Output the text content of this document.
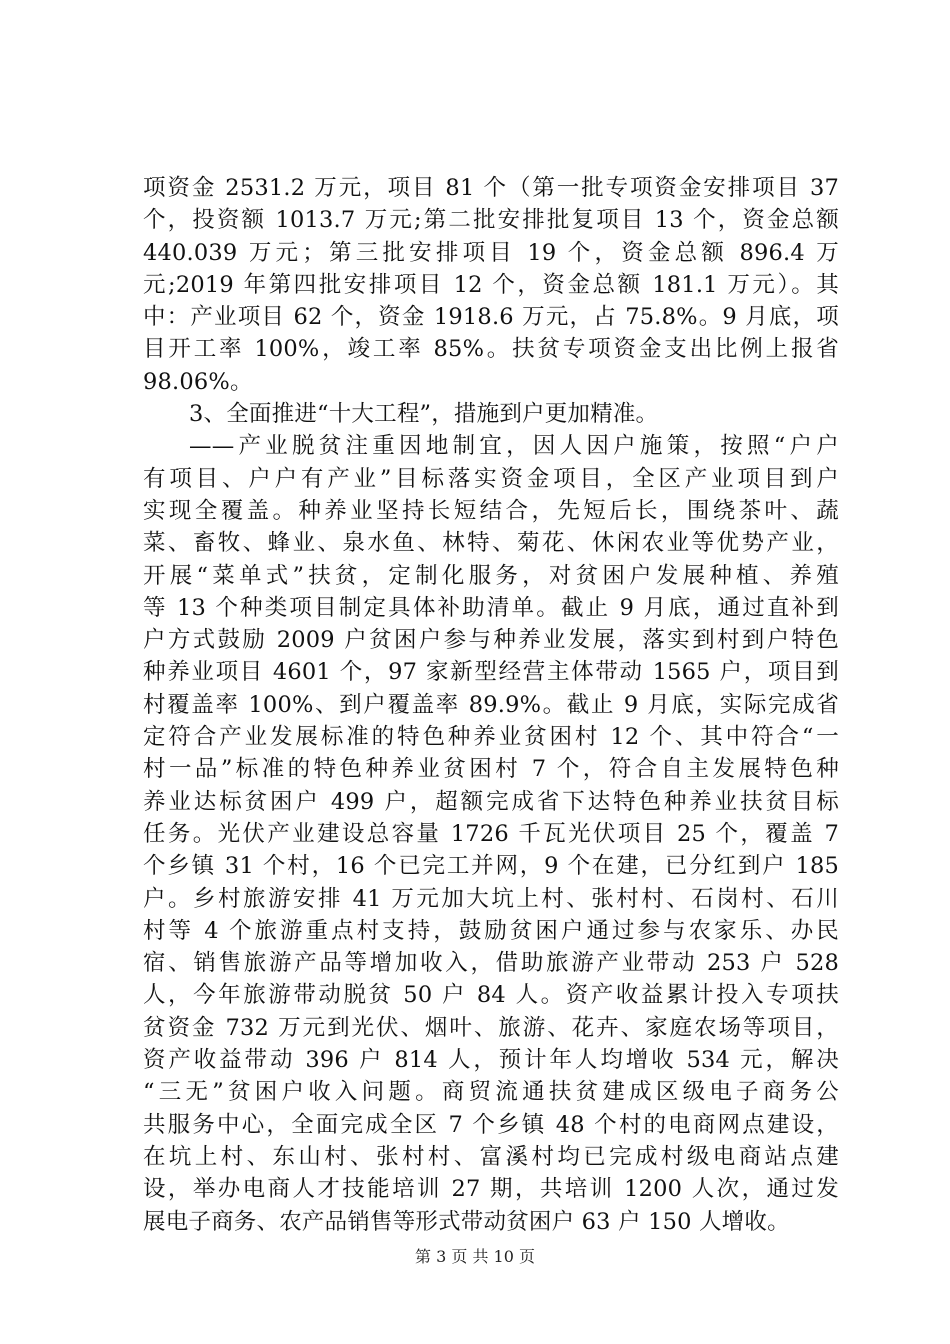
项资金 2531.2 万元，项目 81 个（第一批专项资金安排项目 37
个，投资额 1013.7 万元;第二批安排批复项目 13 个，资金总额
440.039 万元；第三批安排项目 19 个，资金总额 896.4 万
元;2019 年第四批安排项目 12 个，资金总额 181.1 万元）。其
中：产业项目 62 个，资金 1918.6 万元，占 75.8%。9 月底，项
目开工率 100%，竣工率 85%。扶贫专项资金支出比例上报省
98.06%。
3、全面推进“十大工程”，措施到户更加精准。
——产业脱贫注重因地制宜，因人因户施策，按照“户户
有项目、户户有产业”目标落实资金项目，全区产业项目到户
实现全覆盖。种养业坚持长短结合，先短后长，围绕茶叶、蔬
菜、畜牧、蜂业、泉水鱼、林特、菊花、休闲农业等优势产业，
开展“菜单式”扶贫，定制化服务，对贫困户发展种植、养殖
等 13 个种类项目制定具体补助清单。截止 9 月底，通过直补到
户方式鼓励 2009 户贫困户参与种养业发展，落实到村到户特色
种养业项目 4601 个，97 家新型经营主体带动 1565 户，项目到
村覆盖率 100%、到户覆盖率 89.9%。截止 9 月底，实际完成省
定符合产业发展标准的特色种养业贫困村 12 个、其中符合“一
村一品”标准的特色种养业贫困村 7 个，符合自主发展特色种
养业达标贫困户 499 户，超额完成省下达特色种养业扶贫目标
任务。光伏产业建设总容量 1726 千瓦光伏项目 25 个，覆盖 7
个乡镇 31 个村，16 个已完工并网，9 个在建，已分红到户 185
户。乡村旅游安排 41 万元加大坑上村、张村村、石岗村、石川
村等 4 个旅游重点村支持，鼓励贫困户通过参与农家乐、办民
宿、销售旅游产品等增加收入，借助旅游产业带动 253 户 528
人，今年旅游带动脱贫 50 户 84 人。资产收益累计投入专项扶
贫资金 732 万元到光伏、烟叶、旅游、花卉、家庭农场等项目，
资产收益带动 396 户 814 人，预计年人均增收 534 元，解决
“三无”贫困户收入问题。商贸流通扶贫建成区级电子商务公
共服务中心，全面完成全区 7 个乡镇 48 个村的电商网点建设，
在坑上村、东山村、张村村、富溪村均已完成村级电商站点建
设，举办电商人才技能培训 27 期，共培训 1200 人次，通过发
展电子商务、农产品销售等形式带动贫困户 63 户 150 人增收。
第 3 页 共 10 页
